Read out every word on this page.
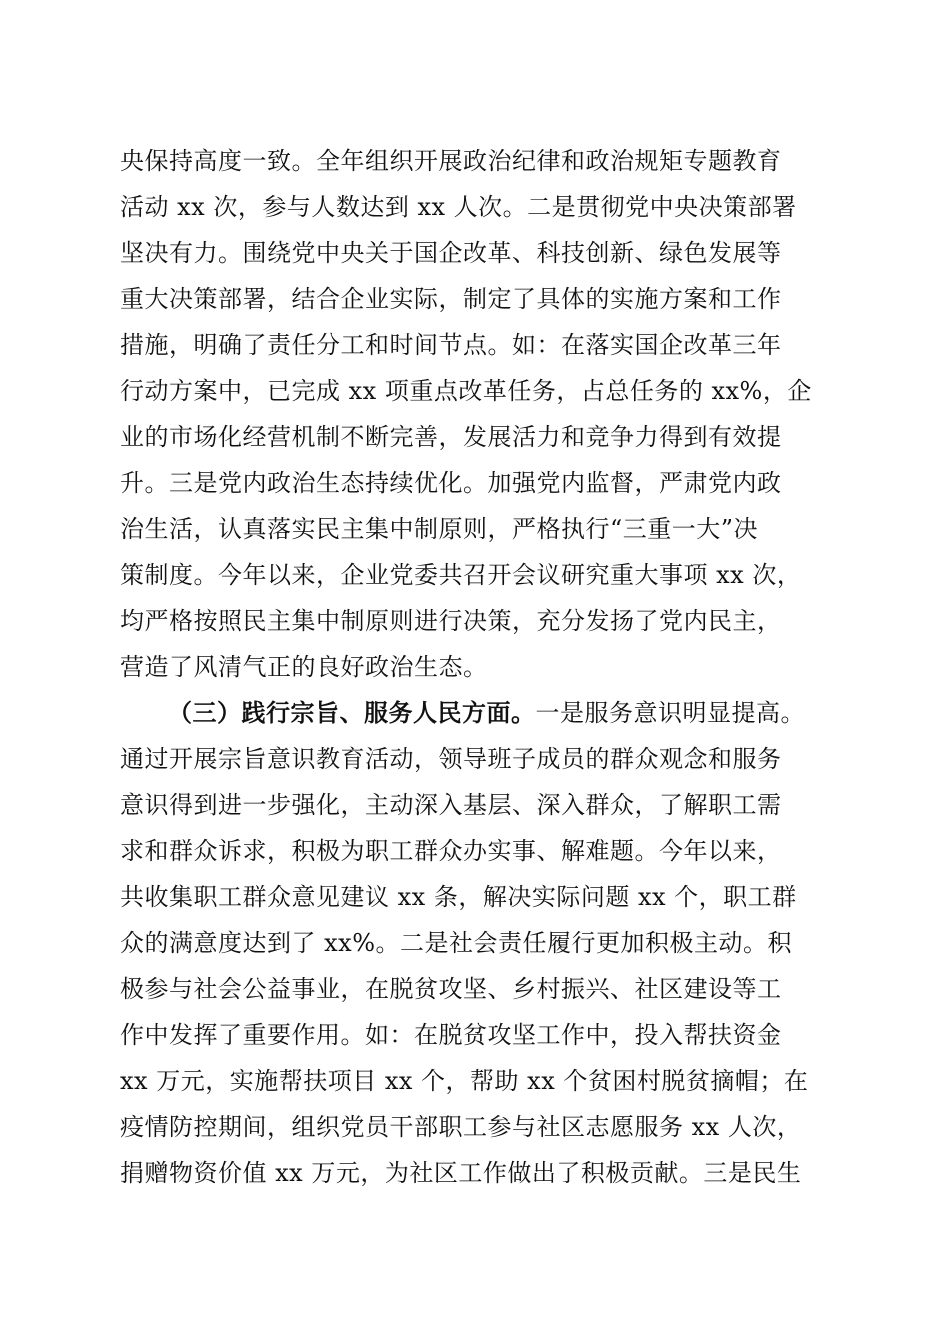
央保持高度一致。全年组织开展政治纪律和政治规矩专题教育
活动 xx 次，参与人数达到 xx 人次。二是贯彻党中央决策部署
坚决有力。围绕党中央关于国企改革、科技创新、绿色发展等
重大决策部署，结合企业实际，制定了具体的实施方案和工作
措施，明确了责任分工和时间节点。如：在落实国企改革三年
行动方案中，已完成 xx 项重点改革任务，占总任务的 xx%，企
业的市场化经营机制不断完善，发展活力和竞争力得到有效提
升。三是党内政治生态持续优化。加强党内监督，严肃党内政
治生活，认真落实民主集中制原则，严格执行“三重一大”决
策制度。今年以来，企业党委共召开会议研究重大事项 xx 次，
均严格按照民主集中制原则进行决策，充分发扬了党内民主，
营造了风清气正的良好政治生态。
（三）践行宗旨、服务人民方面。一是服务意识明显提高。
通过开展宗旨意识教育活动，领导班子成员的群众观念和服务
意识得到进一步强化，主动深入基层、深入群众，了解职工需
求和群众诉求，积极为职工群众办实事、解难题。今年以来，
共收集职工群众意见建议 xx 条，解决实际问题 xx 个，职工群
众的满意度达到了 xx%。二是社会责任履行更加积极主动。积
极参与社会公益事业，在脱贫攻坚、乡村振兴、社区建设等工
作中发挥了重要作用。如：在脱贫攻坚工作中，投入帮扶资金
xx 万元，实施帮扶项目 xx 个，帮助 xx 个贫困村脱贫摘帽；在
疫情防控期间，组织党员干部职工参与社区志愿服务 xx 人次，
捐赠物资价值 xx 万元，为社区工作做出了积极贡献。三是民生
